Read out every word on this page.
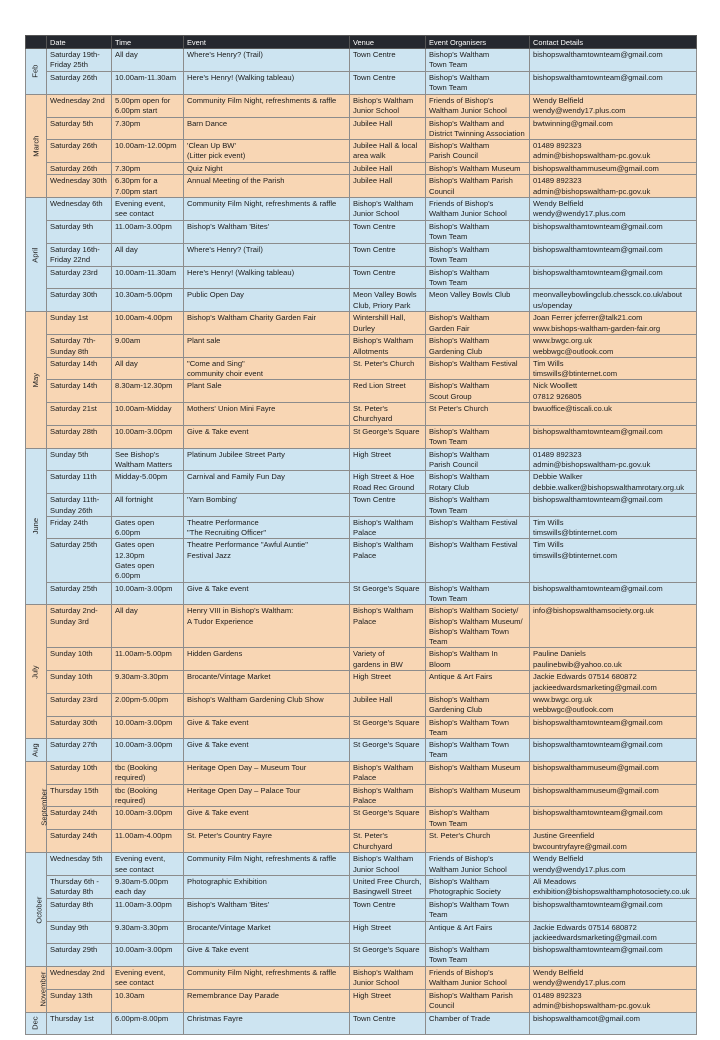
	Date	Time	Event	Venue	Event Organisers	Contact Details
Feb	Saturday 19th-
Friday 25th	All day	Where's Henry? (Trail)	Town Centre	Bishop's Waltham
Town Team	bishopswalthamtownteam@gmail.com
	Saturday 26th	10.00am-11.30am	Here's Henry! (Walking tableau)	Town Centre	Bishop's Waltham
Town Team	bishopswalthamtownteam@gmail.com
March	Wednesday 2nd	5.00pm open for
6.00pm start	Community Film Night, refreshments & raffle	Bishop's Waltham
Junior School	Friends of Bishop's
Waltham Junior School	Wendy Belfield
wendy@wendy17.plus.com
	Saturday 5th	7.30pm	Barn Dance	Jubilee Hall	Bishop's Waltham and
District Twinning Association	bwtwinning@gmail.com
	Saturday 26th	10.00am-12.00pm	'Clean Up BW'
(Litter pick event)	Jubilee Hall & local
area walk	Bishop's Waltham
Parish Council	01489 892323
admin@bishopswaltham-pc.gov.uk
	Saturday 26th	7.30pm	Quiz Night	Jubilee Hall	Bishop's Waltham Museum	bishopswalthammuseum@gmail.com
	Wednesday 30th	6.30pm for a
7.00pm start	Annual Meeting of the Parish	Jubilee Hall	Bishop's Waltham Parish
Council	01489 892323
admin@bishopswaltham-pc.gov.uk
April	Wednesday 6th	Evening event,
see contact	Community Film Night, refreshments & raffle	Bishop's Waltham
Junior School	Friends of Bishop's
Waltham Junior School	Wendy Belfield
wendy@wendy17.plus.com
	Saturday 9th	11.00am-3.00pm	Bishop's Waltham 'Bites'	Town Centre	Bishop's Waltham
Town Team	bishopswalthamtownteam@gmail.com
	Saturday 16th-
Friday 22nd	All day	Where's Henry? (Trail)	Town Centre	Bishop's Waltham
Town Team	bishopswalthamtownteam@gmail.com
	Saturday 23rd	10.00am-11.30am	Here's Henry! (Walking tableau)	Town Centre	Bishop's Waltham
Town Team	bishopswalthamtownteam@gmail.com
	Saturday 30th	10.30am-5.00pm	Public Open Day	Meon Valley Bowls
Club, Priory Park	Meon Valley Bowls Club	meonvalleybowlingclub.chessck.co.uk/about
us/openday
May	Sunday 1st	10.00am-4.00pm	Bishop's Waltham Charity Garden Fair	Wintershill Hall,
Durley	Bishop's Waltham
Garden Fair	Joan Ferrer jcferrer@talk21.com
www.bishops-waltham-garden-fair.org
	Saturday 7th-
Sunday 8th	9.00am	Plant sale	Bishop's Waltham
Allotments	Bishop's Waltham
Gardening Club	www.bwgc.org.uk
webbwgc@outlook.com
	Saturday 14th	All day	"Come and Sing"
community choir event	St. Peter's Church	Bishop's Waltham Festival	Tim Wills
timswills@btinternet.com
	Saturday 14th	8.30am-12.30pm	Plant Sale	Red Lion Street	Bishop's Waltham
Scout Group	Nick Woollett
07812 926805
	Saturday 21st	10.00am-Midday	Mothers' Union Mini Fayre	St. Peter's
Churchyard	St Peter's Church	bwuoffice@tiscali.co.uk
	Saturday 28th	10.00am-3.00pm	Give & Take event	St George's Square	Bishop's Waltham
Town Team	bishopswalthamtownteam@gmail.com
June	Sunday 5th	See Bishop's
Waltham Matters	Platinum Jubilee Street Party	High Street	Bishop's Waltham
Parish Council	01489 892323
admin@bishopswaltham-pc.gov.uk
	Saturday 11th	Midday-5.00pm	Carnival and Family Fun Day	High Street & Hoe
Road Rec Ground	Bishop's Waltham
Rotary Club	Debbie Walker
debbie.walker@bishopswalthamrotary.org.uk
	Saturday 11th-
Sunday 26th	All fortnight	'Yarn Bombing'	Town Centre	Bishop's Waltham
Town Team	bishopswalthamtownteam@gmail.com
	Friday 24th	Gates open
6.00pm	Theatre Performance
"The Recruiting Officer"	Bishop's Waltham
Palace	Bishop's Waltham Festival	Tim Wills
timswills@btinternet.com
	Saturday 25th	Gates open 12.30pm
Gates open 6.00pm	Theatre Performance "Awful Auntie"
Festival Jazz	Bishop's Waltham
Palace	Bishop's Waltham Festival	Tim Wills
timswills@btinternet.com
	Saturday 25th	10.00am-3.00pm	Give & Take event	St George's Square	Bishop's Waltham
Town Team	bishopswalthamtownteam@gmail.com
July	Saturday 2nd-
Sunday 3rd	All day	Henry VIII in Bishop's Waltham:
A Tudor Experience	Bishop's Waltham
Palace	Bishop's Waltham Society/
Bishop's Waltham Museum/
Bishop's Waltham Town Team	info@bishopswalthamsociety.org.uk
	Sunday 10th	11.00am-5.00pm	Hidden Gardens	Variety of
gardens in BW	Bishop's Waltham In
Bloom	Pauline Daniels
paulinebwib@yahoo.co.uk
	Sunday 10th	9.30am-3.30pm	Brocante/Vintage Market	High Street	Antique & Art Fairs	Jackie Edwards 07514 680872
jackieedwardsmarketing@gmail.com
	Saturday 23rd	2.00pm-5.00pm	Bishop's Waltham Gardening Club Show	Jubilee Hall	Bishop's Waltham
Gardening Club	www.bwgc.org.uk
webbwgc@outlook.com
	Saturday 30th	10.00am-3.00pm	Give & Take event	St George's Square	Bishop's Waltham Town
Team	bishopswalthamtownteam@gmail.com
Aug	Saturday 27th	10.00am-3.00pm	Give & Take event	St George's Square	Bishop's Waltham Town
Team	bishopswalthamtownteam@gmail.com
September	Saturday 10th	tbc (Booking
required)	Heritage Open Day – Museum Tour	Bishop's Waltham
Palace	Bishop's Waltham Museum	bishopswalthammuseum@gmail.com
	Thursday 15th	tbc (Booking
required)	Heritage Open Day – Palace Tour	Bishop's Waltham
Palace	Bishop's Waltham Museum	bishopswalthammuseum@gmail.com
	Saturday 24th	10.00am-3.00pm	Give & Take event	St George's Square	Bishop's Waltham
Town Team	bishopswalthamtownteam@gmail.com
	Saturday 24th	11.00am-4.00pm	St. Peter's Country Fayre	St. Peter's
Churchyard	St. Peter's Church	Justine Greenfield
bwcountryfayre@gmail.com
October	Wednesday 5th	Evening event,
see contact	Community Film Night, refreshments & raffle	Bishop's Waltham
Junior School	Friends of Bishop's
Waltham Junior School	Wendy Belfield
wendy@wendy17.plus.com
	Thursday 6th -
Saturday 8th	9.30am-5.00pm
each day	Photographic Exhibition	United Free Church,
Basingwell Street	Bishop's Waltham
Photographic Society	Ali Meadows
exhibition@bishopswalthamphotosociety.co.uk
	Saturday 8th	11.00am-3.00pm	Bishop's Waltham 'Bites'	Town Centre	Bishop's Waltham Town Team	bishopswalthamtownteam@gmail.com
	Sunday 9th	9.30am-3.30pm	Brocante/Vintage Market	High Street	Antique & Art Fairs	Jackie Edwards 07514 680872
jackieedwardsmarketing@gmail.com
	Saturday 29th	10.00am-3.00pm	Give & Take event	St George's Square	Bishop's Waltham
Town Team	bishopswalthamtownteam@gmail.com
November	Wednesday 2nd	Evening event,
see contact	Community Film Night, refreshments & raffle	Bishop's Waltham
Junior School	Friends of Bishop's
Waltham Junior School	Wendy Belfield
wendy@wendy17.plus.com
	Sunday 13th	10.30am	Remembrance Day Parade	High Street	Bishop's Waltham Parish
Council	01489 892323
admin@bishopswaltham-pc.gov.uk
Dec	Thursday 1st	6.00pm-8.00pm	Christmas Fayre	Town Centre	Chamber of Trade	bishopswalthamcot@gmail.com
